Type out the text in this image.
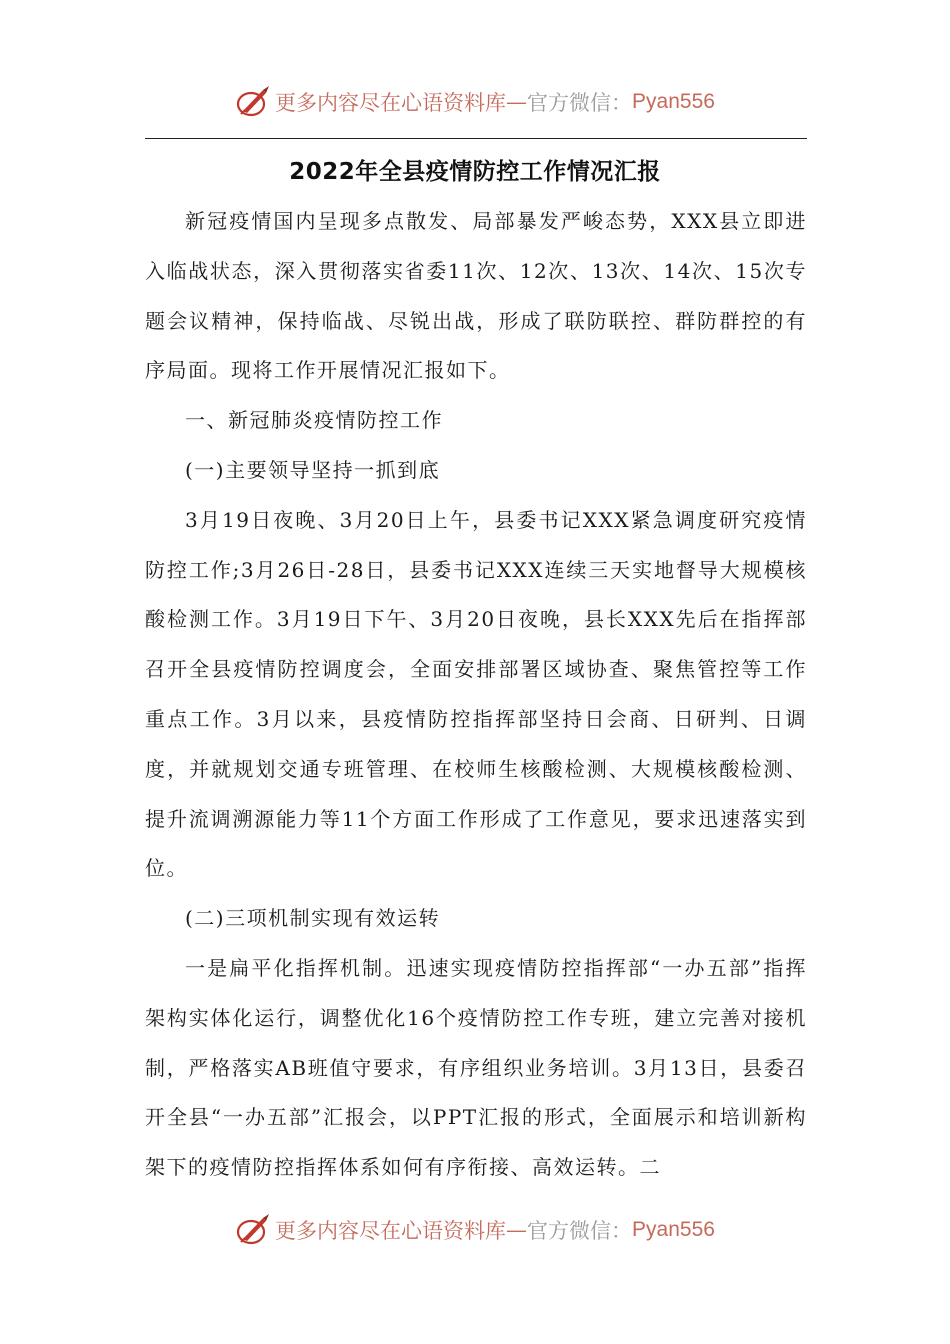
更多内容尽在心语资料库 — 官方微信： Pyan556
2022年全县疫情防控工作情况汇报

新冠疫情国内呈现多点散发、局部暴发严峻态势，XXX县立即进入临战状态，深入贯彻落实省委11次、12次、13次、14次、15次专题会议精神，保持临战、尽锐出战，形成了联防联控、群防群控的有序局面。现将工作开展情况汇报如下。

一、新冠肺炎疫情防控工作

(一)主要领导坚持一抓到底

3月19日夜晚、3月20日上午，县委书记XXX紧急调度研究疫情防控工作;3月26日-28日，县委书记XXX连续三天实地督导大规模核酸检测工作。3月19日下午、3月20日夜晚，县长XXX先后在指挥部召开全县疫情防控调度会，全面安排部署区域协查、聚焦管控等工作重点工作。3月以来，县疫情防控指挥部坚持日会商、日研判、日调度，并就规划交通专班管理、在校师生核酸检测、大规模核酸检测、提升流调溯源能力等11个方面工作形成了工作意见，要求迅速落实到位。

(二)三项机制实现有效运转

一是扁平化指挥机制。迅速实现疫情防控指挥部“一办五部”指挥架构实体化运行，调整优化16个疫情防控工作专班，建立完善对接机制，严格落实AB班值守要求，有序组织业务培训。3月13日，县委召开全县“一办五部”汇报会，以PPT汇报的形式，全面展示和培训新构架下的疫情防控指挥体系如何有序衔接、高效运转。二

更多内容尽在心语资料库 — 官方微信： Pyan556
